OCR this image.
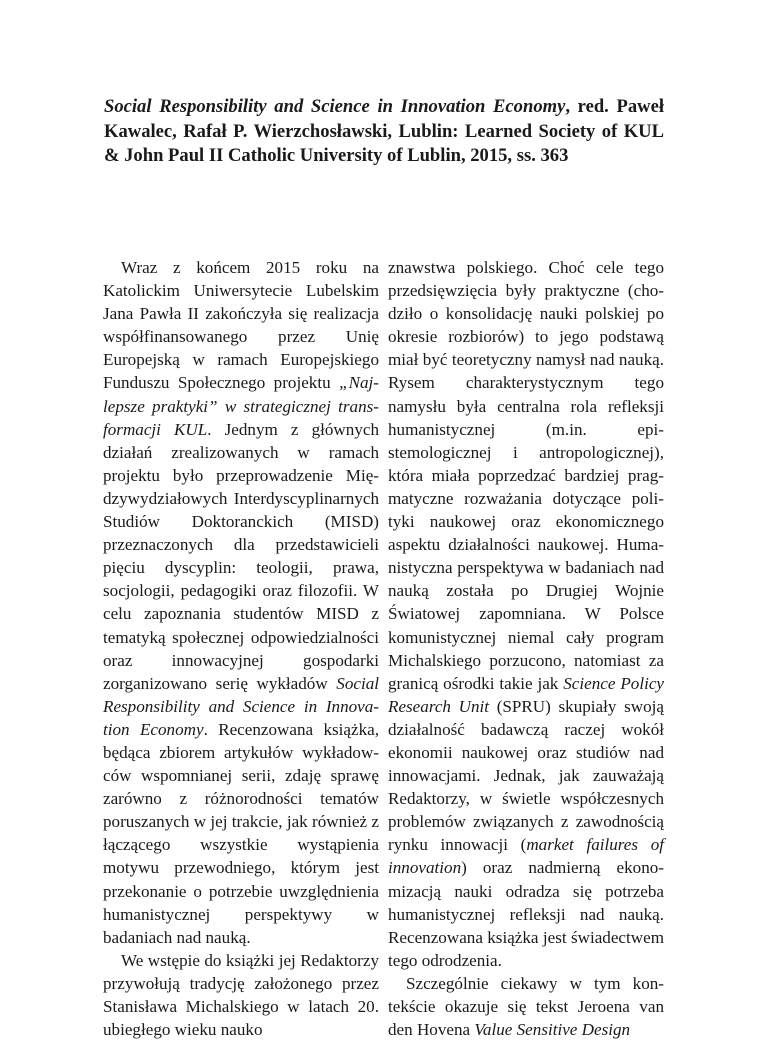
Social Responsibility and Science in Innovation Economy, red. Paweł Kawalec, Rafał P. Wierzchosławski, Lublin: Learned Society of KUL & John Paul II Catholic University of Lublin, 2015, ss. 363

Wraz z końcem 2015 roku na Katolickim Uniwersytecie Lubelskim Jana Pawła II zakończyła się realizacja współfinansowanego przez Unię Europejską w ramach Europejskiego Funduszu Społecznego projektu „Najlepsze praktyki” w strategicznej transformacji KUL. Jednym z głównych działań zrealizowanych w ramach projektu było przeprowadzenie Międzywydziałowych Interdyscyplinarnych Studiów Doktoranckich (MISD) przeznaczonych dla przedstawicieli pięciu dyscyplin: teologii, prawa, socjologii, pedagogiki oraz filozofii. W celu zapoznania studentów MISD z tematyką społecznej odpowiedzialności oraz innowacyjnej gospodarki zorganizowano serię wykładów Social Responsibility and Science in Innovation Economy. Recenzowana książka, będąca zbiorem artykułów wykładowców wspomnianej serii, zdaję sprawę zarówno z różnorodności tematów poruszanych w jej trakcie, jak również z łączącego wszystkie wystąpienia motywu przewodniego, którym jest przekonanie o potrzebie uwzględnienia humanistycznej perspektywy w badaniach nad nauką.

We wstępie do książki jej Redaktorzy przywołują tradycję założonego przez Stanisława Michalskiego w latach 20. ubiegłego wieku nauko

znawstwa polskiego. Choć cele tego przedsięwzięcia były praktyczne (chodziło o konsolidację nauki polskiej po okresie rozbiorów) to jego podstawą miał być teoretyczny namysł nad nauką. Rysem charakterystycznym tego namysłu była centralna rola refleksji humanistycznej (m.in. epistemologicznej i antropologicznej), która miała poprzedzać bardziej pragmatyczne rozważania dotyczące polityki naukowej oraz ekonomicznego aspektu działalności naukowej. Humanistyczna perspektywa w badaniach nad nauką została po Drugiej Wojnie Światowej zapomniana. W Polsce komunistycznej niemal cały program Michalskiego porzucono, natomiast za granicą ośrodki takie jak Science Policy Research Unit (SPRU) skupiały swoją działalność badawczą raczej wokół ekonomii naukowej oraz studiów nad innowacjami. Jednak, jak zauważają Redaktorzy, w świetle współczesnych problemów związanych z zawodnością rynku innowacji (market failures of innovation) oraz nadmierną ekonomizacją nauki odradza się potrzeba humanistycznej refleksji nad nauką. Recenzowana książka jest świadectwem tego odrodzenia.

Szczególnie ciekawy w tym kontekście okazuje się tekst Jeroena van den Hovena Value Sensitive Design
